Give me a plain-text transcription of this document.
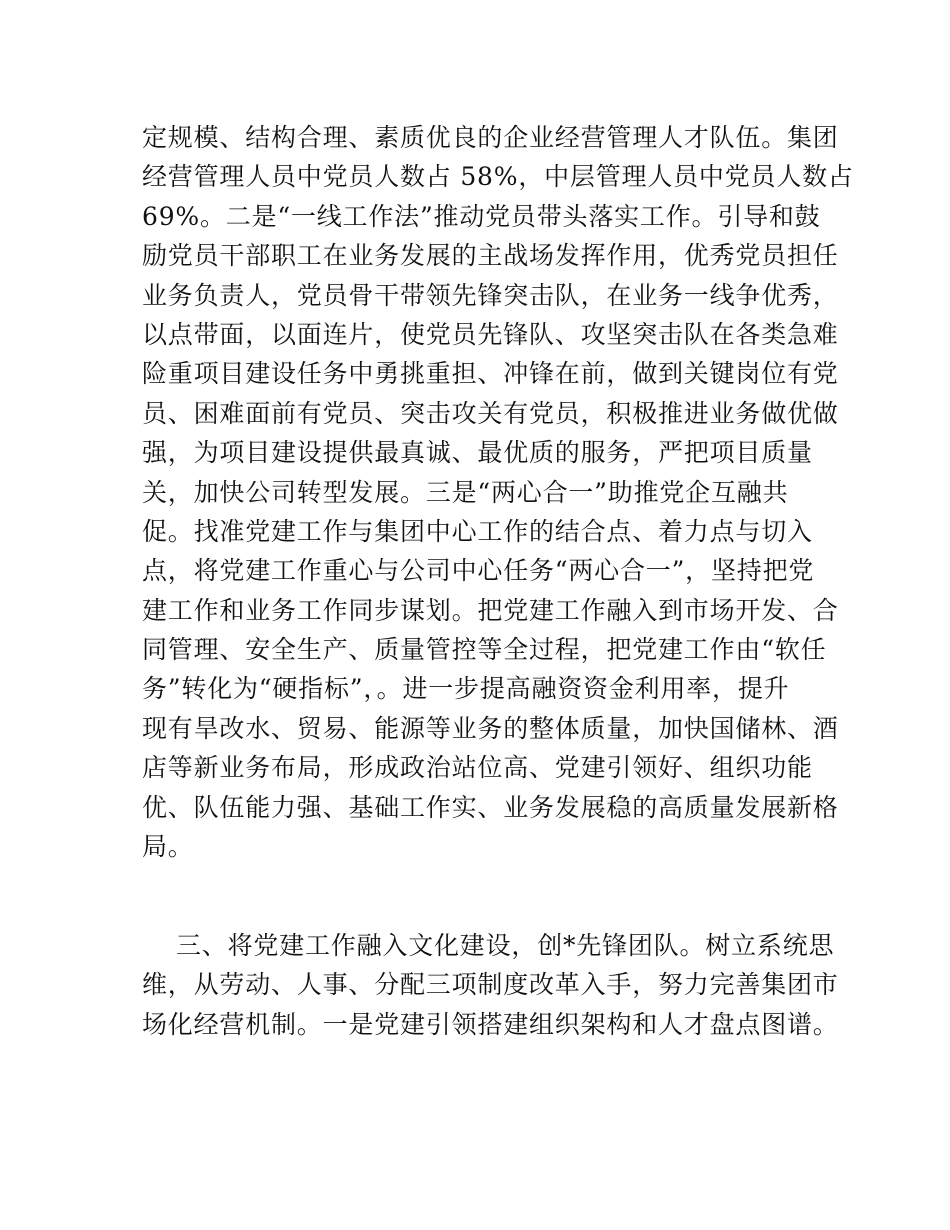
定规模、结构合理、素质优良的企业经营管理人才队伍。集团
经营管理人员中党员人数占 58%，中层管理人员中党员人数占
69%。二是“一线工作法”推动党员带头落实工作。引导和鼓
励党员干部职工在业务发展的主战场发挥作用，优秀党员担任
业务负责人，党员骨干带领先锋突击队，在业务一线争优秀，
以点带面，以面连片，使党员先锋队、攻坚突击队在各类急难
险重项目建设任务中勇挑重担、冲锋在前，做到关键岗位有党
员、困难面前有党员、突击攻关有党员，积极推进业务做优做
强，为项目建设提供最真诚、最优质的服务，严把项目质量
关，加快公司转型发展。三是“两心合一”助推党企互融共
促。找准党建工作与集团中心工作的结合点、着力点与切入
点，将党建工作重心与公司中心任务“两心合一”，坚持把党
建工作和业务工作同步谋划。把党建工作融入到市场开发、合
同管理、安全生产、质量管控等全过程，把党建工作由“软任
务”转化为“硬指标”，。进一步提高融资资金利用率，提升
现有旱改水、贸易、能源等业务的整体质量，加快国储林、酒
店等新业务布局，形成政治站位高、党建引领好、组织功能
优、队伍能力强、基础工作实、业务发展稳的高质量发展新格
局。
三、将党建工作融入文化建设，创*先锋团队。树立系统思
维，从劳动、人事、分配三项制度改革入手，努力完善集团市
场化经营机制。一是党建引领搭建组织架构和人才盘点图谱。
